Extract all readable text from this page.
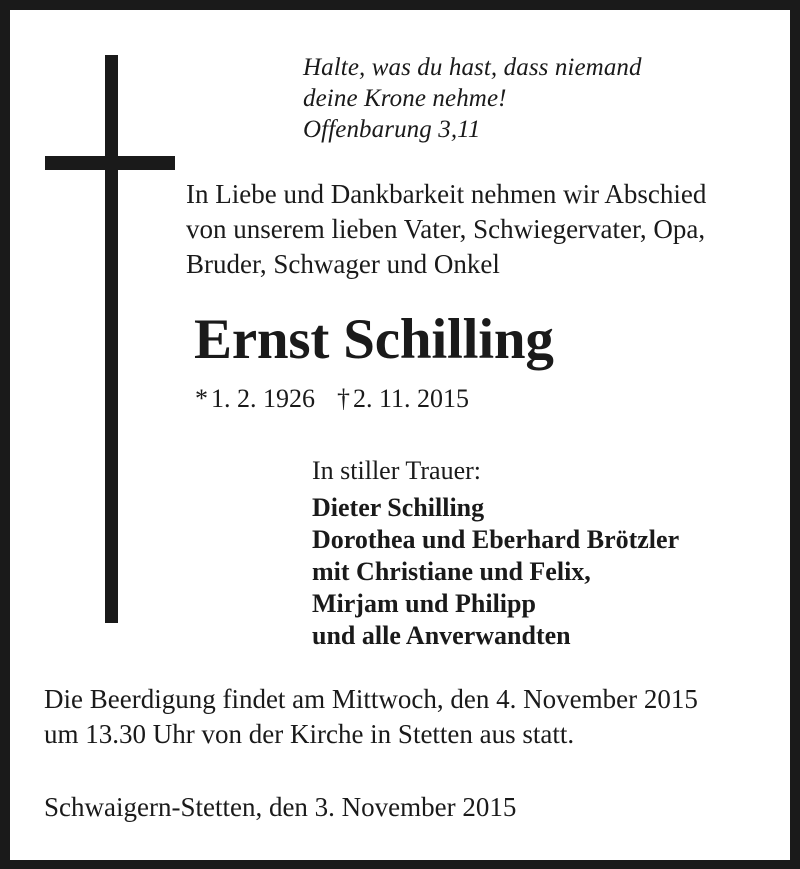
Halte, was du hast, dass niemand
deine Krone nehme!
Offenbarung 3,11
In Liebe und Dankbarkeit nehmen wir Abschied
von unserem lieben Vater, Schwiegervater, Opa,
Bruder, Schwager und Onkel
Ernst Schilling
* 1. 2. 1926 † 2. 11. 2015
In stiller Trauer:
Dieter Schilling
Dorothea und Eberhard Brötzler
mit Christiane und Felix,
Mirjam und Philipp
und alle Anverwandten
Die Beerdigung findet am Mittwoch, den 4. November 2015
um 13.30 Uhr von der Kirche in Stetten aus statt.
Schwaigern-Stetten, den 3. November 2015
